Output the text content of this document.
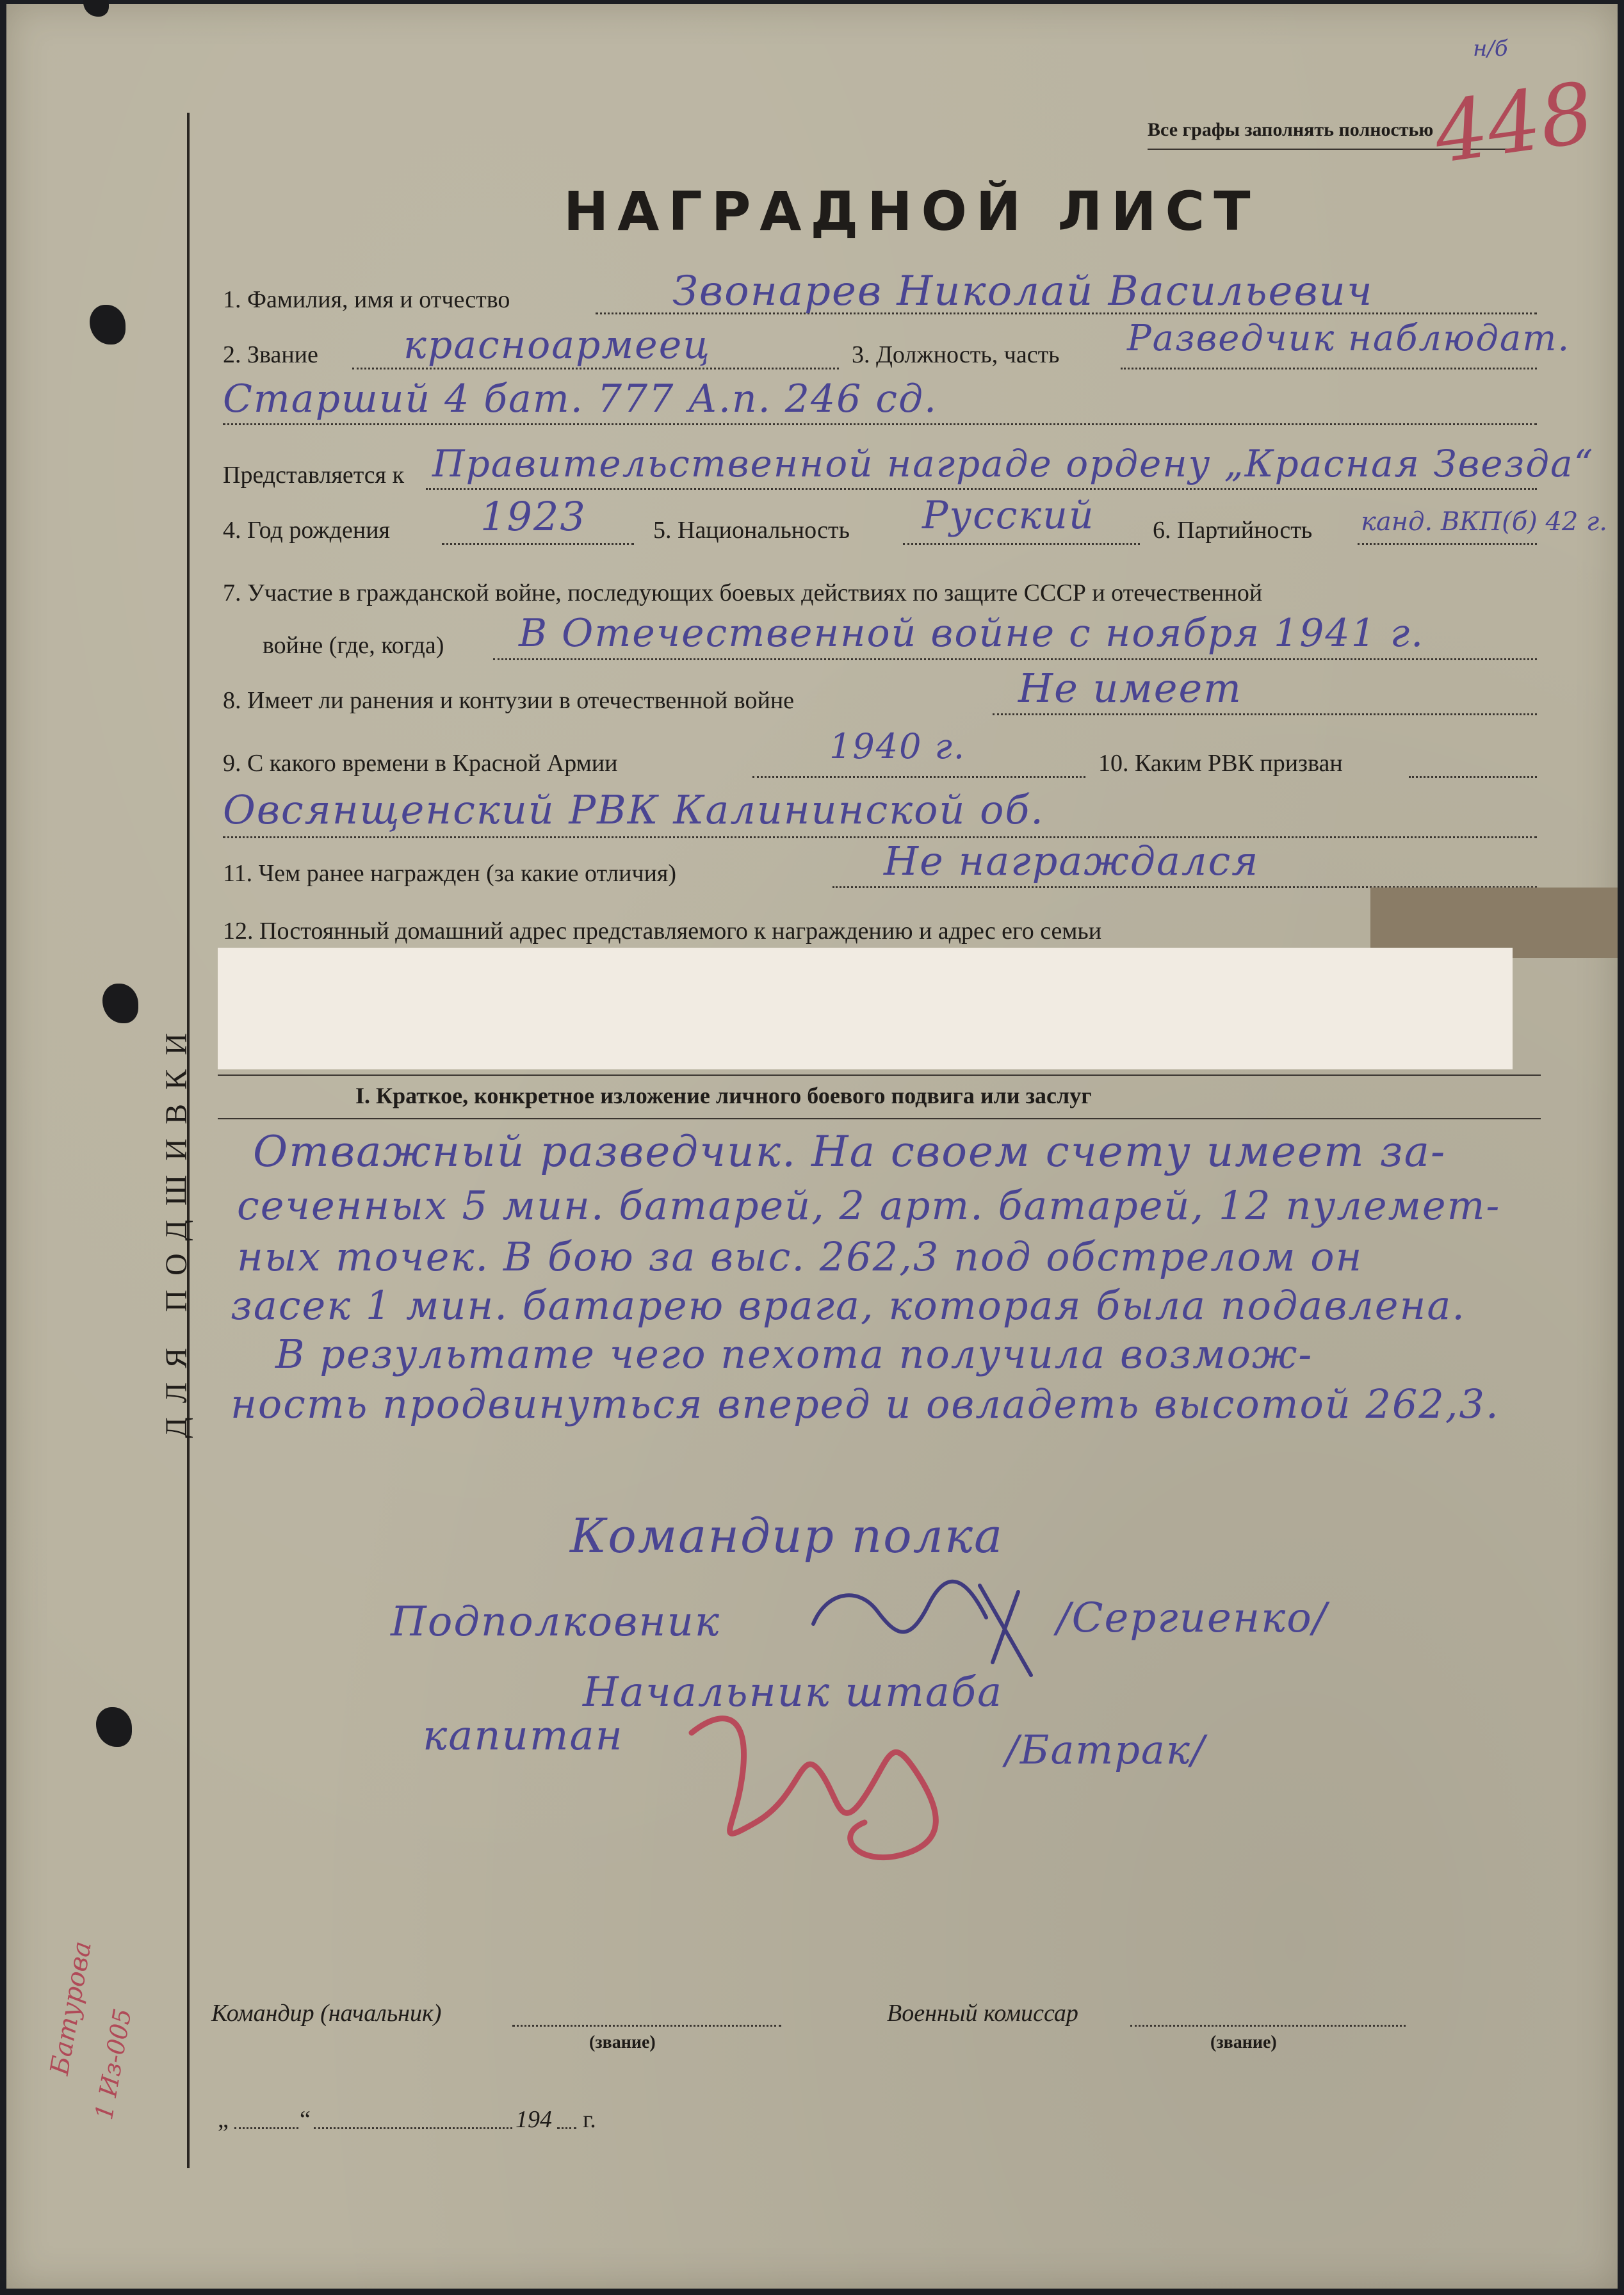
ДЛЯ ПОДШИВКИ
Все графы заполнять полностью
н/б
448
НАГРАДНОЙ ЛИСТ
1. Фамилия, имя и отчество	Звонарев Николай Васильевич
2. Звание красноармеец	3. Должность, часть Разведчик наблюдат.
Старший 4 бат. 777 А.п. 246 сд.
Представляется к Правительственной награде ордену „Красная Звезда“
4. Год рождения 1923	5. Национальность Русский 6. Партийность канд. ВКП(б) 42 г.
7. Участие в гражданской войне, последующих боевых действиях по защите СССР и отечественной
войне (где, когда) В Отечественной войне с ноября 1941 г.
8. Имеет ли ранения и контузии в отечественной войне	Не имеет
9. С какого времени в Красной Армии	1940 г.	10. Каким РВК призван
Овсянщенский РВК Калининской об.
11. Чем ранее награжден (за какие отличия)	Не награждался
12. Постоянный домашний адрес представляемого к награждению и адрес его семьи
I. Краткое, конкретное изложение личного боевого подвига или заслуг
Отважный разведчик. На своем счету имеет за-
сеченных 5 мин. батарей, 2 арт. батарей, 12 пулемет-
ных точек. В бою за выс. 262,3 под обстрелом он
засек 1 мин. батарею врага, которая была подавлена.
В результате чего пехота получила возмож-
ность продвинуться вперед и овладеть высотой 262,3.
Командир полка
Подполковник	/Сергиенко/
Начальник штаба
капитан	/Батрак/
Командир (начальник)
(звание)
Военный комиссар
(звание)
„	“	194 г.
Батурова
1 Из-005
